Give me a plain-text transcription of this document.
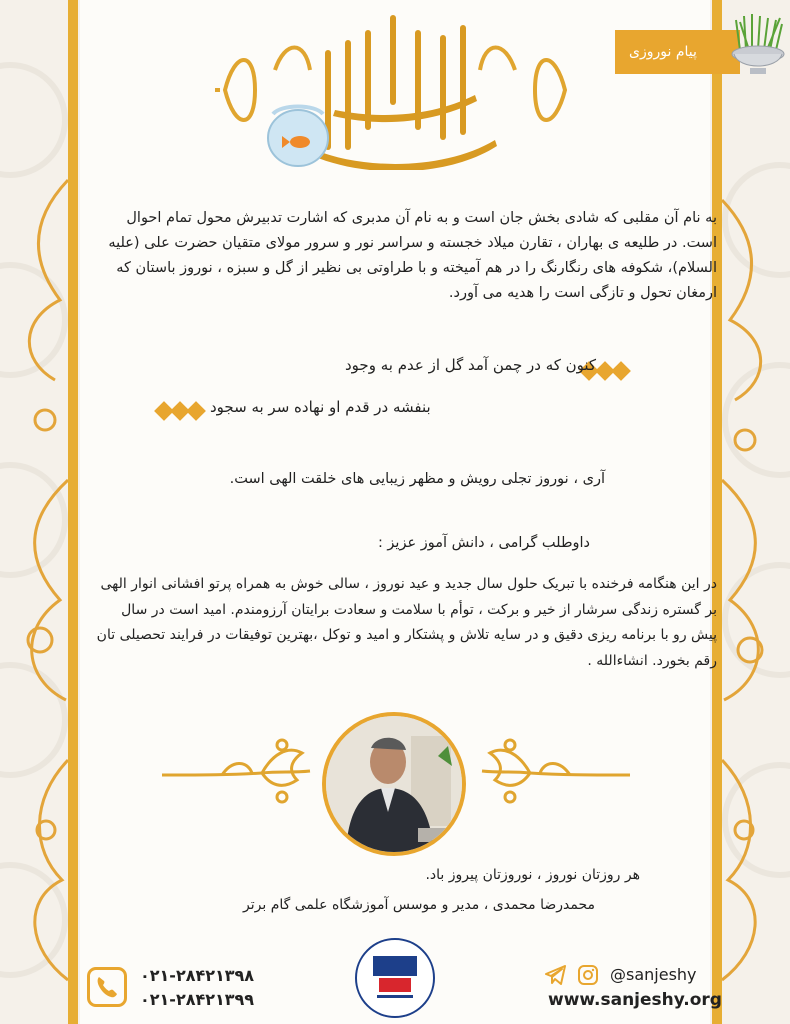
پیام نوروزی
به نام آن مقلبی که شادی بخش جان است و به نام آن مدبری که اشارت تدبیرش محول تمام احوال است. در طلیعه ی بهاران ، تقارن میلاد خجسته و سراسر نور و سرور مولای متقیان حضرت علی (علیه السلام)، شکوفه های رنگارنگ را در هم آمیخته و با طراوتی بی نظیر از گل و سبزه ، نوروز باستان که ارمغان تحول و تازگی است را هدیه می آورد.
کنون که در چمن آمد گل از عدم به وجود
بنفشه در قدم او نهاده سر به سجود
آری ، نوروز تجلی رویش و مظهر زیبایی های خلقت الهی است.
داوطلب گرامی ، دانش آموز عزیز :
در این هنگامه فرخنده با تبریک حلول سال جدید و عید نوروز ، سالی خوش به همراه پرتو افشانی انوار الهی بر گستره زندگی سرشار از خیر و برکت ، توأم با سلامت و سعادت برایتان آرزومندم. امید است در سال پیش رو با برنامه ریزی دقیق و در سایه تلاش و پشتکار و امید و توکل ،بهترین توفیقات در فرایند تحصیلی تان رقم بخورد. انشاءالله .
هر روزتان نوروز ، نوروزتان پیروز باد.
محمدرضا محمدی ، مدیر و موسس آموزشگاه علمی گام برتر
۰۲۱-۲۸۴۲۱۳۹۸
۰۲۱-۲۸۴۲۱۳۹۹
@sanjeshy
www.sanjeshy.org
